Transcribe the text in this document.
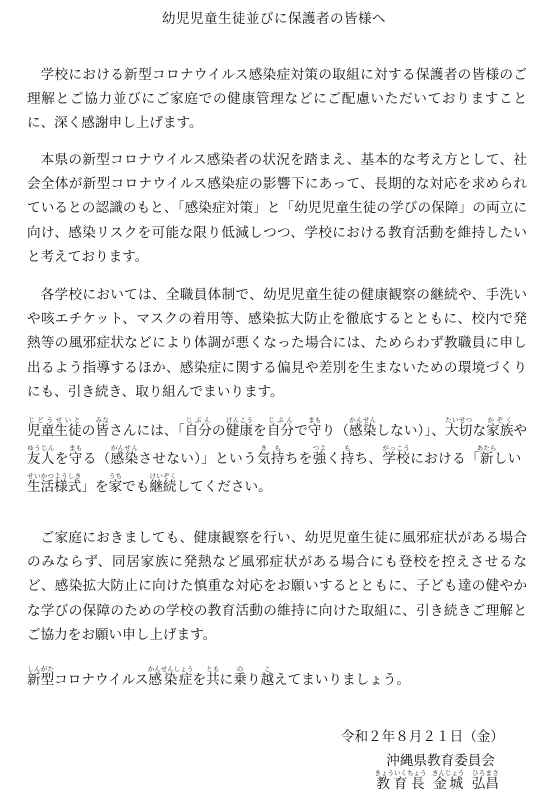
幼児児童生徒並びに保護者の皆様へ

学校における新型コロナウイルス感染症対策の取組に対する保護者の皆様のご理解とご協力並びにご家庭での健康管理などにご配慮いただいておりますことに、深く感謝申し上げます。

本県の新型コロナウイルス感染者の状況を踏まえ、基本的な考え方として、社会全体が新型コロナウイルス感染症の影響下にあって、長期的な対応を求められているとの認識のもと、「感染症対策」と「幼児児童生徒の学びの保障」の両立に向け、感染リスクを可能な限り低減しつつ、学校における教育活動を維持したいと考えております。

各学校においては、全職員体制で、幼児児童生徒の健康観察の継続や、手洗いや咳エチケット、マスクの着用等、感染拡大防止を徹底するとともに、校内で発熱等の風邪症状などにより体調が悪くなった場合には、ためらわず教職員に申し出るよう指導するほか、感染症に関する偏見や差別を生まないための環境づくりにも、引き続き、取り組んでまいります。

児童生徒じどうせいとの皆みなさんには、「自分じぶんの健康けんこうを自分じぶんで守まもり（感染かんせんしない）」、大切たいせつな家族かぞくや友人ゆうじんを守まもる（感染かんせんさせない）」という気持きもちを強つよく持もち、学校がっこうにおける「新あたらしい生活様式せいかつようしき」を家うちでも継続けいぞくしてください。

ご家庭におきましても、健康観察を行い、幼児児童生徒に風邪症状がある場合のみならず、同居家族に発熱など風邪症状がある場合にも登校を控えさせるなど、感染拡大防止に向けた慎重な対応をお願いするとともに、子ども達の健やかな学びの保障のための学校の教育活動の維持に向けた取組に、引き続きご理解とご協力をお願い申し上げます。

新型しんがたコロナウイルス感染症かんせんしょうを共ともに乗のり越こえてまいりましょう。

令和２年８月２１日（金）
沖縄県教育委員会
教育長きょういくちょう  金城きんじょう  弘昌ひろまさ
